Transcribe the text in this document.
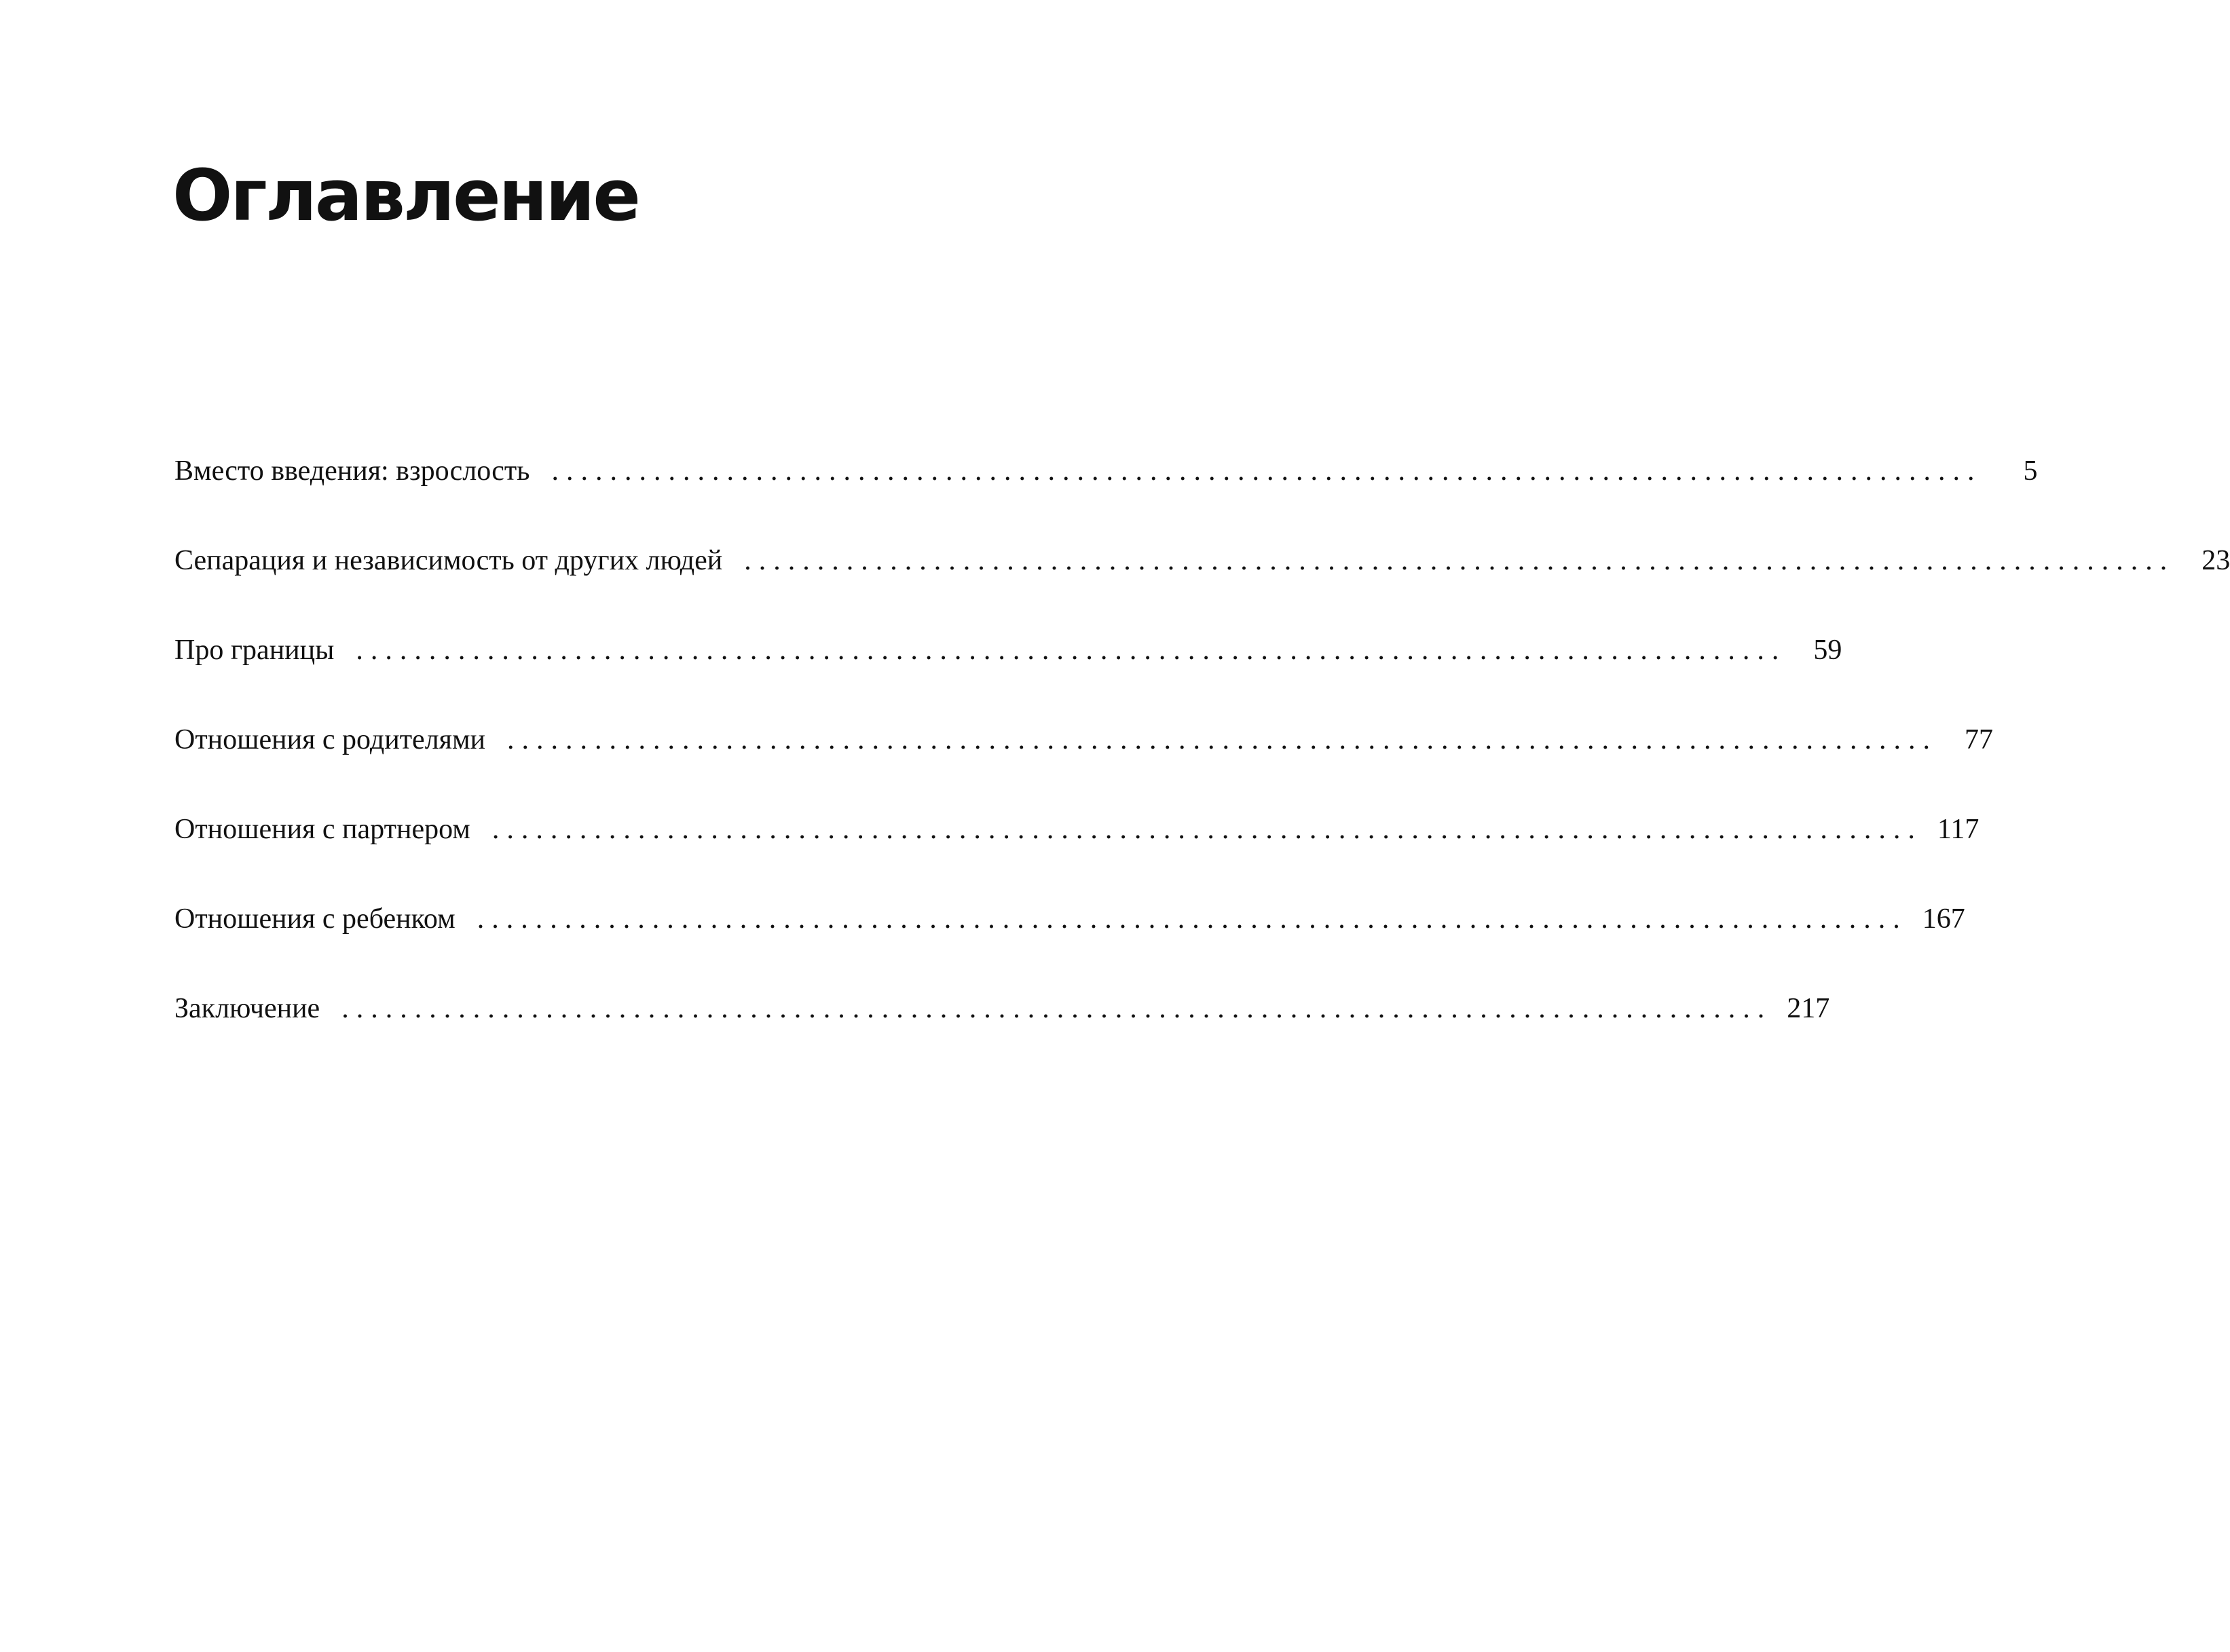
Оглавление
Вместо введения: взрослость ..................................................................................................	5
Сепарация и независимость от других людей .................................................................................................. 23
Про границы .................................................................................................. 59
Отношения с родителями .................................................................................................. 77
Отношения с партнером .................................................................................................. 117
Отношения с ребенком .................................................................................................. 167
Заключение .................................................................................................. 217
